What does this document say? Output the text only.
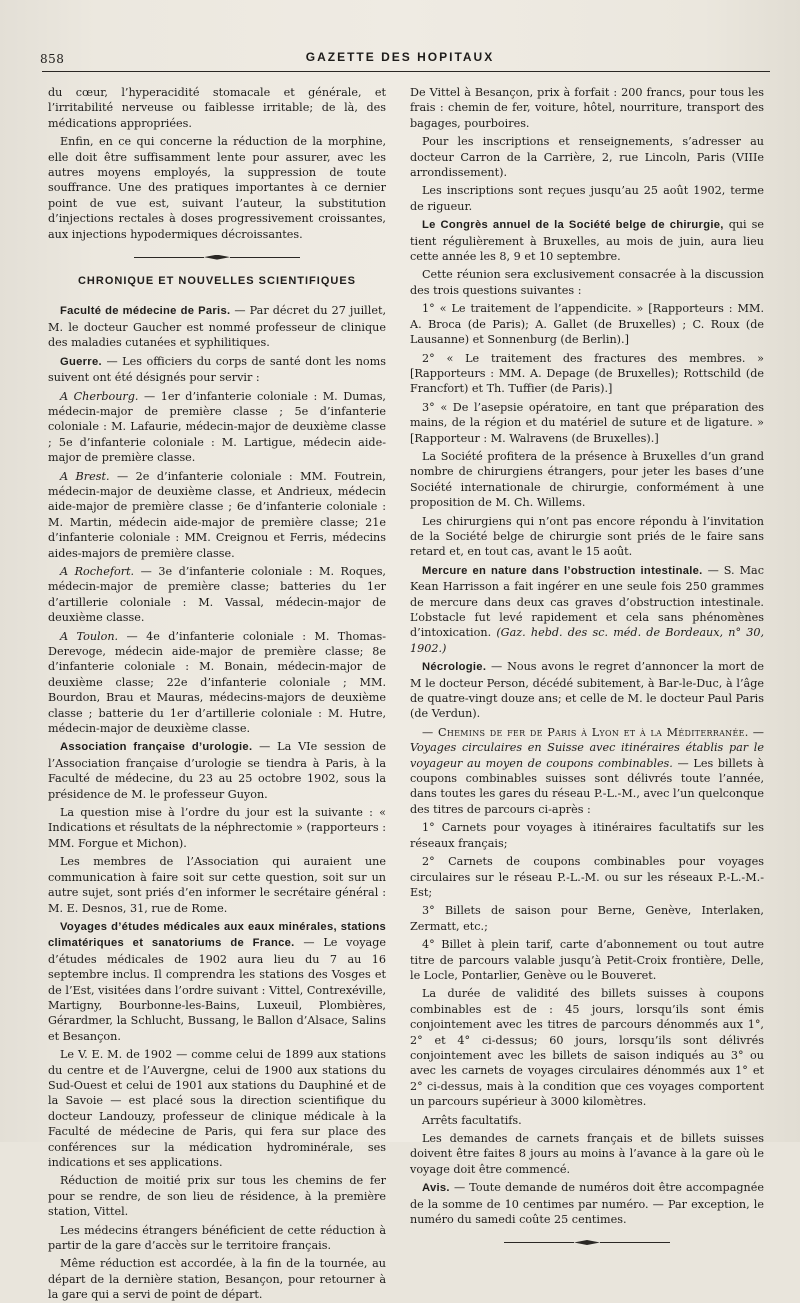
858	GAZETTE DES HOPITAUX

du cœur, l’hyperacidité stomacale et générale, et l’irritabilité nerveuse ou faiblesse irritable; de là, des médications appropriées.

Enfin, en ce qui concerne la réduction de la morphine, elle doit être suffisamment lente pour assurer, avec les autres moyens employés, la suppression de toute souffrance. Une des pratiques importantes à ce dernier point de vue est, suivant l’auteur, la substitution d’injections rectales à doses progressivement croissantes, aux injections hypodermiques décroissantes.

CHRONIQUE ET NOUVELLES SCIENTIFIQUES

Faculté de médecine de Paris. — Par décret du 27 juillet, M. le docteur Gaucher est nommé professeur de clinique des maladies cutanées et syphilitiques.

Guerre. — Les officiers du corps de santé dont les noms suivent ont été désignés pour servir :

A Cherbourg. — 1er d’infanterie coloniale : M. Dumas, médecin-major de première classe ; 5e d’infanterie coloniale : M. Lafaurie, médecin-major de deuxième classe ; 5e d’infanterie coloniale : M. Lartigue, médecin aide-major de première classe.

A Brest. — 2e d’infanterie coloniale : MM. Foutrein, médecin-major de deuxième classe, et Andrieux, médecin aide-major de première classe ; 6e d’infanterie coloniale : M. Martin, médecin aide-major de première classe; 21e d’infanterie coloniale : MM. Creignou et Ferris, médecins aides-majors de première classe.

A Rochefort. — 3e d’infanterie coloniale : M. Roques, médecin-major de première classe; batteries du 1er d’artillerie coloniale : M. Vassal, médecin-major de deuxième classe.

A Toulon. — 4e d’infanterie coloniale : M. Thomas-Derevoge, médecin aide-major de première classe; 8e d’infanterie coloniale : M. Bonain, médecin-major de deuxième classe; 22e d’infanterie coloniale ; MM. Bourdon, Brau et Mauras, médecins-majors de deuxième classe ; batterie du 1er d’artillerie coloniale : M. Hutre, médecin-major de deuxième classe.

Association française d’urologie. — La VIe session de l’Association française d’urologie se tiendra à Paris, à la Faculté de médecine, du 23 au 25 octobre 1902, sous la présidence de M. le professeur Guyon.

La question mise à l’ordre du jour est la suivante : « Indications et résultats de la néphrectomie » (rapporteurs : MM. Forgue et Michon).

Les membres de l’Association qui auraient une communication à faire soit sur cette question, soit sur un autre sujet, sont priés d’en informer le secrétaire général : M. E. Desnos, 31, rue de Rome.

Voyages d’études médicales aux eaux minérales, stations climatériques et sanatoriums de France. — Le voyage d’études médicales de 1902 aura lieu du 7 au 16 septembre inclus. Il comprendra les stations des Vosges et de l’Est, visitées dans l’ordre suivant : Vittel, Contrexéville, Martigny, Bourbonne-les-Bains, Luxeuil, Plombières, Gérardmer, la Schlucht, Bussang, le Ballon d’Alsace, Salins et Besançon.

Le V. E. M. de 1902 — comme celui de 1899 aux stations du centre et de l’Auvergne, celui de 1900 aux stations du Sud-Ouest et celui de 1901 aux stations du Dauphiné et de la Savoie — est placé sous la direction scientifique du docteur Landouzy, professeur de clinique médicale à la Faculté de médecine de Paris, qui fera sur place des conférences sur la médication hydrominérale, ses indications et ses applications.

Réduction de moitié prix sur tous les chemins de fer pour se rendre, de son lieu de résidence, à la première station, Vittel.

Les médecins étrangers bénéficient de cette réduction à partir de la gare d’accès sur le territoire français.

Même réduction est accordée, à la fin de la tournée, au départ de la dernière station, Besançon, pour retourner à la gare qui a servi de point de départ.

De Vittel à Besançon, prix à forfait : 200 francs, pour tous les frais : chemin de fer, voiture, hôtel, nourriture, transport des bagages, pourboires.

Pour les inscriptions et renseignements, s’adresser au docteur Carron de la Carrière, 2, rue Lincoln, Paris (VIIIe arrondissement).

Les inscriptions sont reçues jusqu’au 25 août 1902, terme de rigueur.

Le Congrès annuel de la Société belge de chirurgie, qui se tient régulièrement à Bruxelles, au mois de juin, aura lieu cette année les 8, 9 et 10 septembre.

Cette réunion sera exclusivement consacrée à la discussion des trois questions suivantes :

1° « Le traitement de l’appendicite. » [Rapporteurs : MM. A. Broca (de Paris); A. Gallet (de Bruxelles) ; C. Roux (de Lausanne) et Sonnenburg (de Berlin).]

2° « Le traitement des fractures des membres. » [Rapporteurs : MM. A. Depage (de Bruxelles); Rottschild (de Francfort) et Th. Tuffier (de Paris).]

3° « De l’asepsie opératoire, en tant que préparation des mains, de la région et du matériel de suture et de ligature. » [Rapporteur : M. Walravens (de Bruxelles).]

La Société profitera de la présence à Bruxelles d’un grand nombre de chirurgiens étrangers, pour jeter les bases d’une Société internationale de chirurgie, conformément à une proposition de M. Ch. Willems.

Les chirurgiens qui n’ont pas encore répondu à l’invitation de la Société belge de chirurgie sont priés de le faire sans retard et, en tout cas, avant le 15 août.

Mercure en nature dans l’obstruction intestinale. — S. Mac Kean Harrisson a fait ingérer en une seule fois 250 grammes de mercure dans deux cas graves d’obstruction intestinale. L’obstacle fut levé rapidement et cela sans phénomènes d’intoxication. (Gaz. hebd. des sc. méd. de Bordeaux, n° 30, 1902.)

Nécrologie. — Nous avons le regret d’annoncer la mort de M le docteur Person, décédé subitement, à Bar-le-Duc, à l’âge de quatre-vingt douze ans; et celle de M. le docteur Paul Paris (de Verdun).

— Chemins de fer de Paris à Lyon et à la Méditerranée. — Voyages circulaires en Suisse avec itinéraires établis par le voyageur au moyen de coupons combinables. — Les billets à coupons combinables suisses sont délivrés toute l’année, dans toutes les gares du réseau P.-L.-M., avec l’un quelconque des titres de parcours ci-après :

1° Carnets pour voyages à itinéraires facultatifs sur les réseaux français;

2° Carnets de coupons combinables pour voyages circulaires sur le réseau P.-L.-M. ou sur les réseaux P.-L.-M.-Est;

3° Billets de saison pour Berne, Genève, Interlaken, Zermatt, etc.;

4° Billet à plein tarif, carte d’abonnement ou tout autre titre de parcours valable jusqu’à Petit-Croix frontière, Delle, le Locle, Pontarlier, Genève ou le Bouveret.

La durée de validité des billets suisses à coupons combinables est de : 45 jours, lorsqu’ils sont émis conjointement avec les titres de parcours dénommés aux 1°, 2° et 4° ci-dessus; 60 jours, lorsqu’ils sont délivrés conjointement avec les billets de saison indiqués au 3° ou avec les carnets de voyages circulaires dénommés aux 1° et 2° ci-dessus, mais à la condition que ces voyages comportent un parcours supérieur à 3000 kilomètres.

Arrêts facultatifs.

Les demandes de carnets français et de billets suisses doivent être faites 8 jours au moins à l’avance à la gare où le voyage doit être commencé.

Avis. — Toute demande de numéros doit être accompagnée de la somme de 10 centimes par numéro. — Par exception, le numéro du samedi coûte 25 centimes.
